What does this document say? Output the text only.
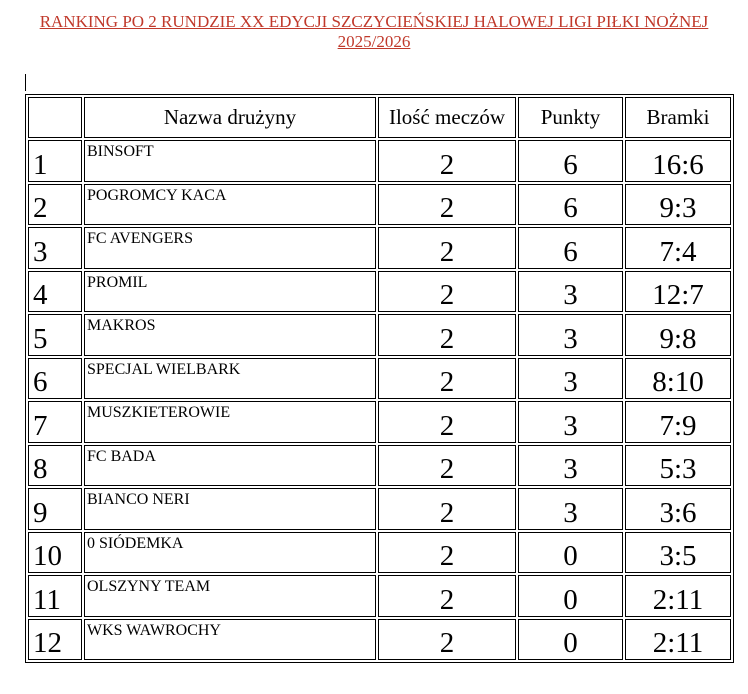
RANKING PO 2 RUNDZIE XX EDYCJI SZCZYCIEŃSKIEJ HALOWEJ LIGI PIŁKI NOŻNEJ
2025/2026
	Nazwa drużyny	Ilość meczów	Punkty	Bramki
1	BINSOFT	2	6	16:6
2	POGROMCY KACA	2	6	9:3
3	FC AVENGERS	2	6	7:4
4	PROMIL	2	3	12:7
5	MAKROS	2	3	9:8
6	SPECJAL WIELBARK	2	3	8:10
7	MUSZKIETEROWIE	2	3	7:9
8	FC BADA	2	3	5:3
9	BIANCO NERI	2	3	3:6
10	0 SIÓDEMKA	2	0	3:5
11	OLSZYNY TEAM	2	0	2:11
12	WKS WAWROCHY	2	0	2:11
